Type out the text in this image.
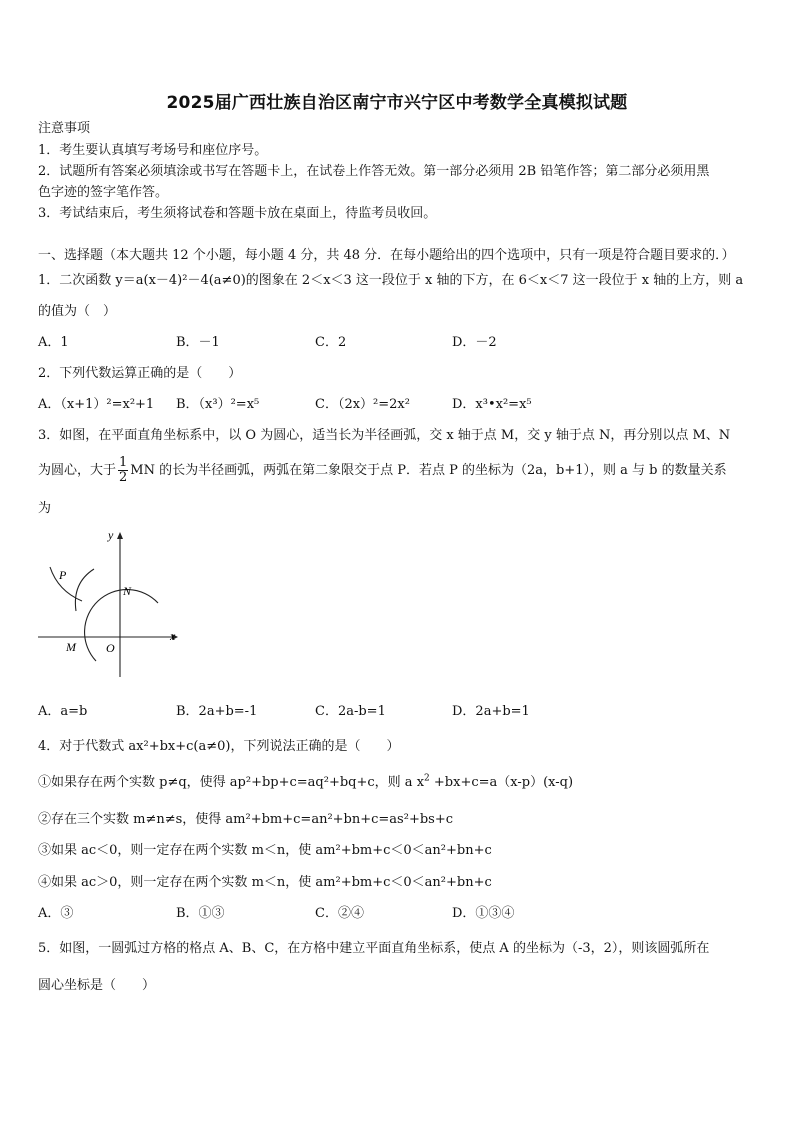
2025届广西壮族自治区南宁市兴宁区中考数学全真模拟试题
注意事项
1．考生要认真填写考场号和座位序号。
2．试题所有答案必须填涂或书写在答题卡上，在试卷上作答无效。第一部分必须用 2B 铅笔作答；第二部分必须用黑
色字迹的签字笔作答。
3．考试结束后，考生须将试卷和答题卡放在桌面上，待监考员收回。
一、选择题（本大题共 12 个小题，每小题 4 分，共 48 分．在每小题给出的四个选项中，只有一项是符合题目要求的．）
1．二次函数 y＝a(x－4)²－4(a≠0)的图象在 2＜x＜3 这一段位于 x 轴的下方，在 6＜x＜7 这一段位于 x 轴的上方，则 a
的值为（　）
A．1	B．－1	C．2	D．－2
2．下列代数运算正确的是（　　）
A．（x+1）²=x²+1 B．（x³）²=x⁵	C．（2x）²=2x²	D．x³•x²=x⁵
3．如图，在平面直角坐标系中，以 O 为圆心，适当长为半径画弧，交 x 轴于点 M，交 y 轴于点 N，再分别以点 M、N
为圆心，大于 $\frac{1}{2}$ MN 的长为半径画弧，两弧在第二象限交于点 P．若点 P 的坐标为（2a，b+1），则 a 与 b 的数量关系
为
y
x
P
N
M	O
A．a=b	B．2a+b=-1	C．2a-b=1	D．2a+b=1
4．对于代数式 ax²+bx+c(a≠0)，下列说法正确的是（　　）
①如果存在两个实数 p≠q，使得 ap²+bp+c=aq²+bq+c，则 a $x^2 +bx+c=a(x-p)(x-q)$
②存在三个实数 m≠n≠s，使得 am²+bm+c=an²+bn+c=as²+bs+c
③如果 ac＜0，则一定存在两个实数 m＜n，使 am²+bm+c＜0＜an²+bn+c
④如果 ac＞0，则一定存在两个实数 m＜n，使 am²+bm+c＜0＜an²+bn+c
A．③	B．①③	C．②④	D．①③④
5．如图，一圆弧过方格的格点 A、B、C，在方格中建立平面直角坐标系，使点 A 的坐标为（-3，2），则该圆弧所在
圆心坐标是（　　）
